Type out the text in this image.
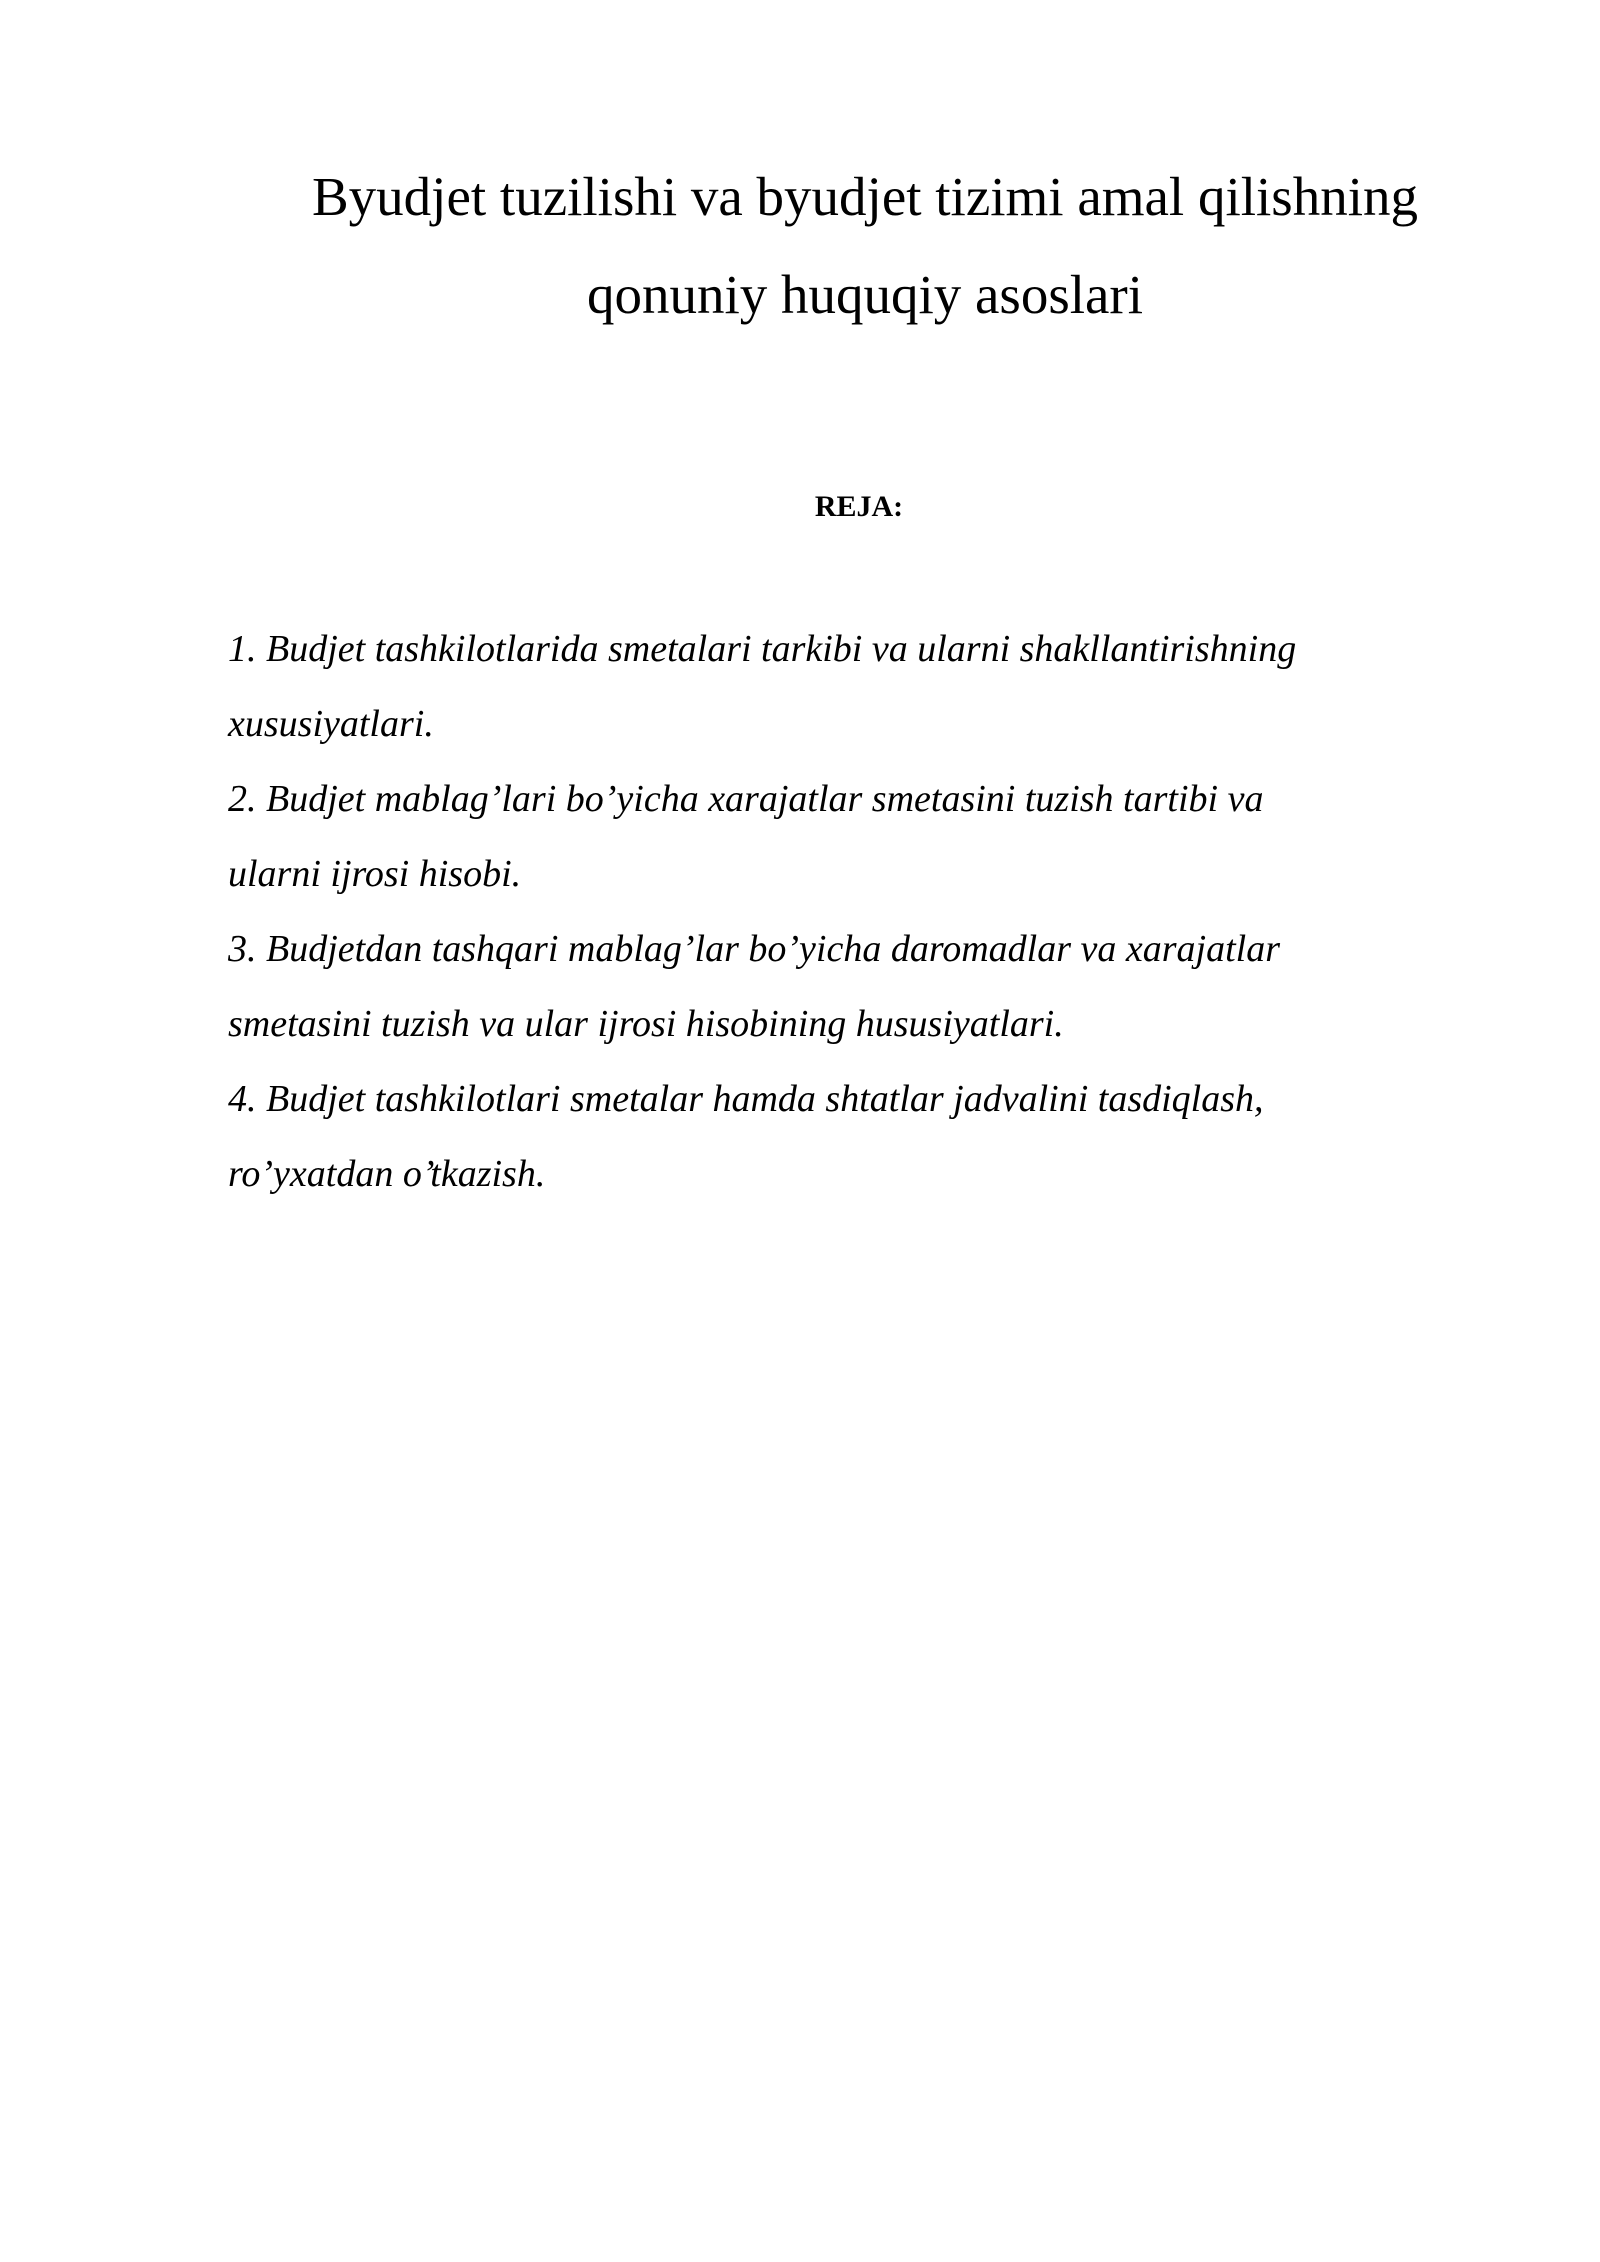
Byudjet tuzilishi va byudjet tizimi amal qilishning
qonuniy huquqiy asoslari
REJA:
1. Budjet tashkilotlarida smetalari tarkibi va ularni shakllantirishning
xususiyatlari.
2. Budjet mablag’lari bo’yicha xarajatlar smetasini tuzish tartibi va
ularni ijrosi hisobi.
3. Budjetdan tashqari mablag’lar bo’yicha daromadlar va xarajatlar
smetasini tuzish va ular ijrosi hisobining hususiyatlari.
4. Budjet tashkilotlari smetalar hamda shtatlar jadvalini tasdiqlash,
ro’yxatdan o’tkazish.
